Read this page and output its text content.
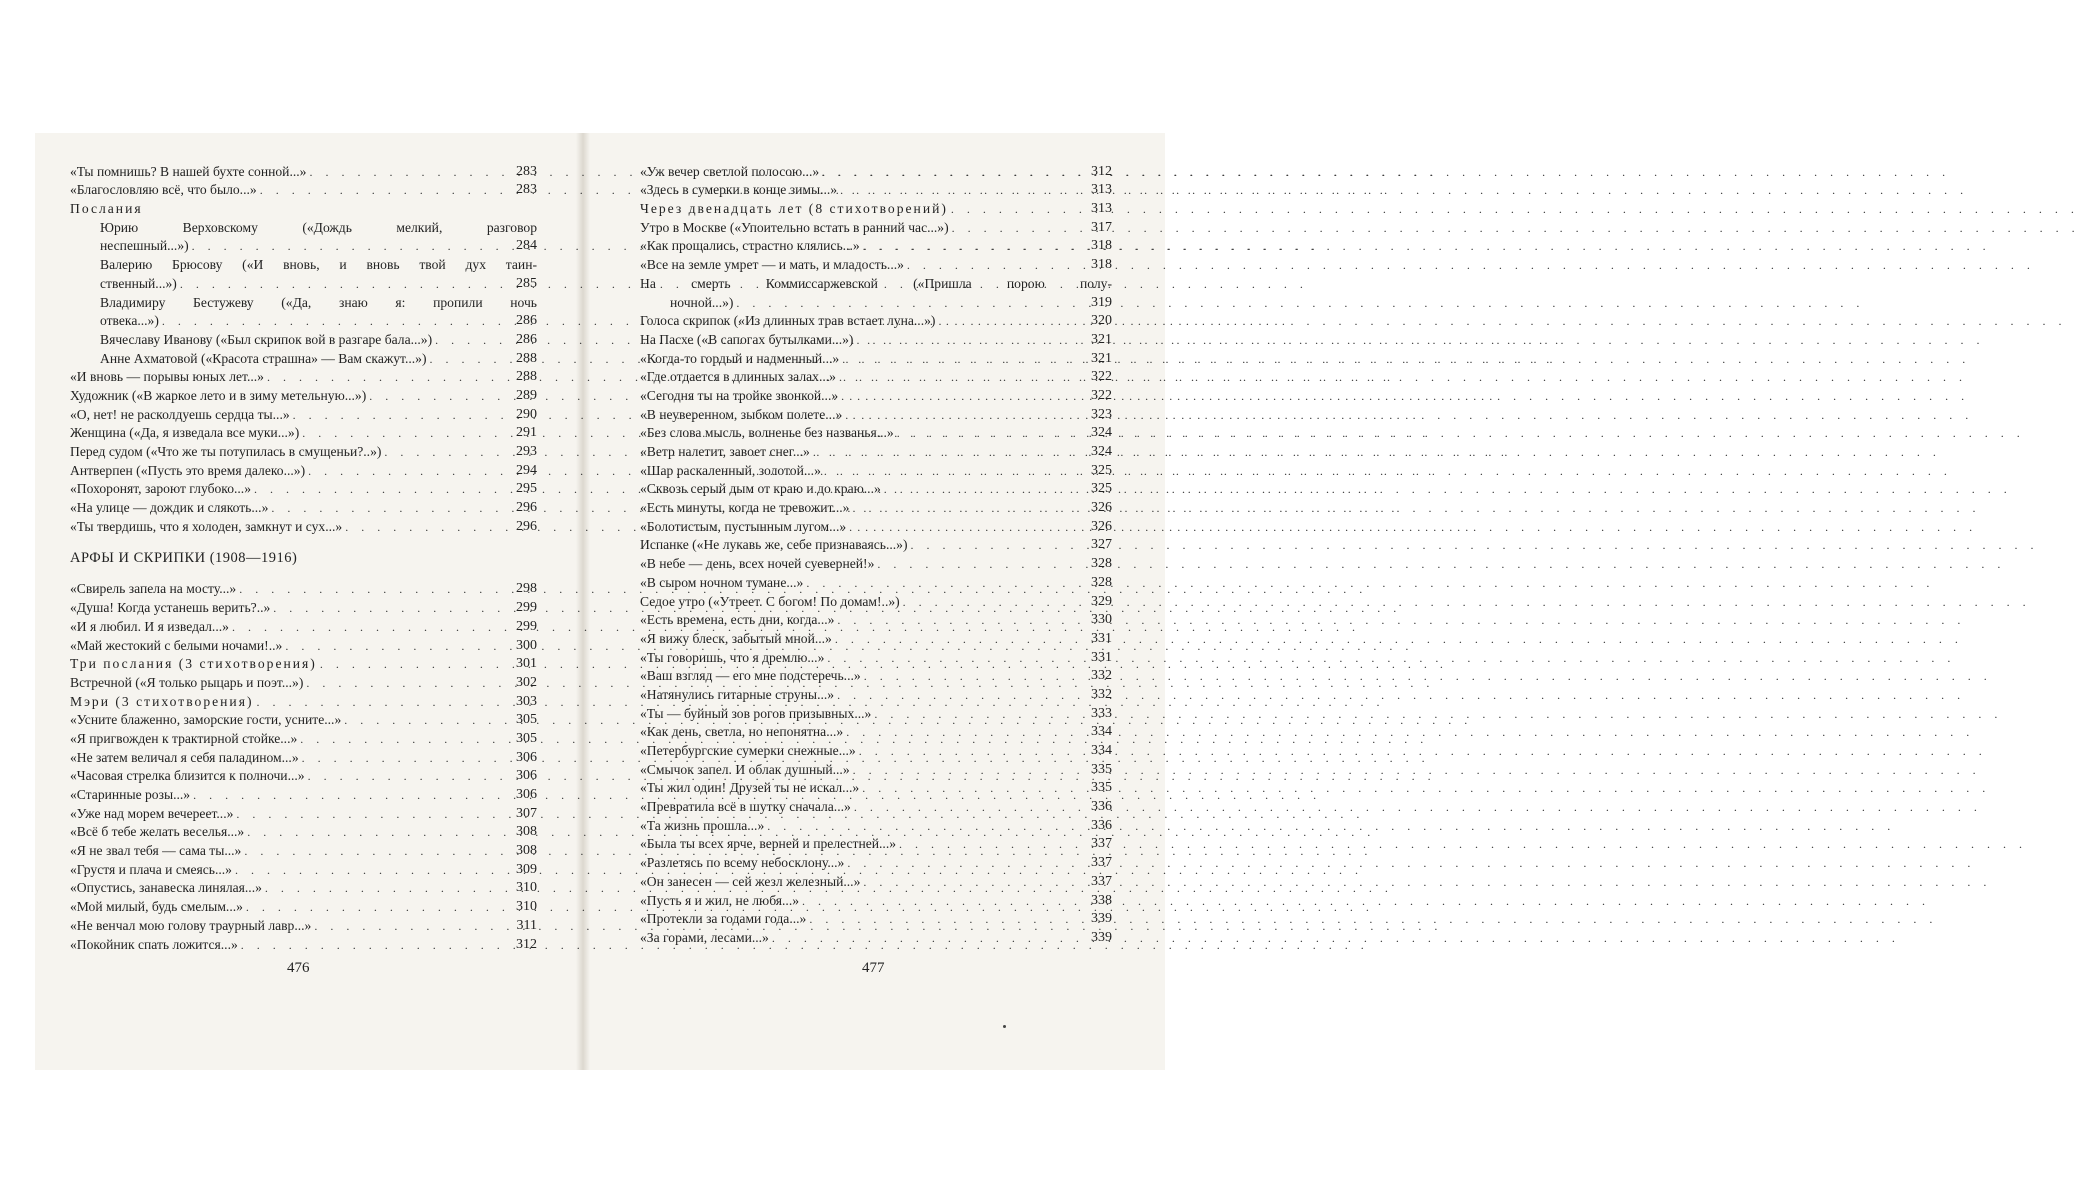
«Ты помнишь? В нашей бухте сонной...» . . .	283
«Благословляю всё, что было...» . . .	283
Послания
Юрию Верховскому («Дождь мелкий, разговор
неспешный...») . . .	284
Валерию Брюсову («И вновь, и вновь твой дух таин-
ственный...») . . .	285
Владимиру Бестужеву («Да, знаю я: пропили ночь
отвека...») . . .	286
Вячеславу Иванову («Был скрипок вой в разгаре бала...») . . .	286
Анне Ахматовой («Красота страшна» — Вам скажут...») . . .	288
«И вновь — порывы юных лет...» . . .	288
Художник («В жаркое лето и в зиму метельную...») . . .	289
«О, нет! не расколдуешь сердца ты...» . . .	290
Женщина («Да, я изведала все муки...») . . .	291
Перед судом («Что же ты потупилась в смущеньи?..») . . .	293
Антверпен («Пусть это время далеко...») . . .	294
«Похоронят, зароют глубоко...» . . .	295
«На улице — дождик и слякоть...» . . .	296
«Ты твердишь, что я холоден, замкнут и сух...» . . .	296
АРФЫ И СКРИПКИ (1908—1916)
«Свирель запела на мосту...» . . .	298
«Душа! Когда устанешь верить?..» . . .	299
«И я любил. И я изведал...» . . .	299
«Май жестокий с белыми ночами!..» . . .	300
Три послания (3 стихотворения) . . .	301
Встречной («Я только рыцарь и поэт...») . . .	302
Мэри (3 стихотворения) . . .	303
«Усните блаженно, заморские гости, усните...» . . .	305
«Я пригвожден к трактирной стойке...» . . .	305
«Не затем величал я себя паладином...» . . .	306
«Часовая стрелка близится к полночи...» . . .	306
«Старинные розы...» . . .	306
«Уже над морем вечереет...» . . .	307
«Всё б тебе желать веселья...» . . .	308
«Я не звал тебя — сама ты...» . . .	308
«Грустя и плача и смеясь...» . . .	309
«Опустись, занавеска линялая...» . . .	310
«Мой милый, будь смелым...» . . .	310
«Не венчал мою голову траурный лавр...» . . .	311
«Покойник спать ложится...» . . .	312
«Уж вечер светлой полосою...» . . .	312
«Здесь в сумерки в конце зимы...» . . .	313
Через двенадцать лет (8 стихотворений) . . .	313
Утро в Москве («Упоительно встать в ранний час...») . . .	317
«Как прощались, страстно клялись...» . . .	318
«Все на земле умрет — и мать, и младость...» . . .	318
На смерть Коммиссаржевской («Пришла порою полу-
ночной...») . . .	319
Голоса скрипок («Из длинных трав встает луна...») . . .	320
На Пасхе («В сапогах бутылками...») . . .	321
«Когда-то гордый и надменный...» . . .	321
«Где отдается в длинных залах...» . . .	322
«Сегодня ты на тройке звонкой...» . . .	322
«В неуверенном, зыбком полете...» . . .	323
«Без слова мысль, волненье без названья...» . . .	324
«Ветр налетит, завоет снег...» . . .	324
«Шар раскаленный, золотой...» . . .	325
«Сквозь серый дым от краю и до краю...» . . .	325
«Есть минуты, когда не тревожит...» . . .	326
«Болотистым, пустынным лугом...» . . .	326
Испанке («Не лукавь же, себе признаваясь...») . . .	327
«В небе — день, всех ночей суеверней!» . . .	328
«В сыром ночном тумане...» . . .	328
Седое утро («Утреет. С богом! По домам!..») . . .	329
«Есть времена, есть дни, когда...» . . .	330
«Я вижу блеск, забытый мной...» . . .	331
«Ты говоришь, что я дремлю...» . . .	331
«Ваш взгляд — его мне подстеречь...» . . .	332
«Натянулись гитарные струны...» . . .	332
«Ты — буйный зов рогов призывных...» . . .	333
«Как день, светла, но непонятна...» . . .	334
«Петербургские сумерки снежные...» . . .	334
«Смычок запел. И облак душный...» . . .	335
«Ты жил один! Друзей ты не искал...» . . .	335
«Превратила всё в шутку сначала...» . . .	336
«Та жизнь прошла...» . . .	336
«Была ты всех ярче, верней и прелестней...» . . .	337
«Разлетясь по всему небосклону...» . . .	337
«Он занесен — сей жезл железный...» . . .	337
«Пусть я и жил, не любя...» . . .	338
«Протекли за годами года...» . . .	339
«За горами, лесами...» . . .	339
476	477
